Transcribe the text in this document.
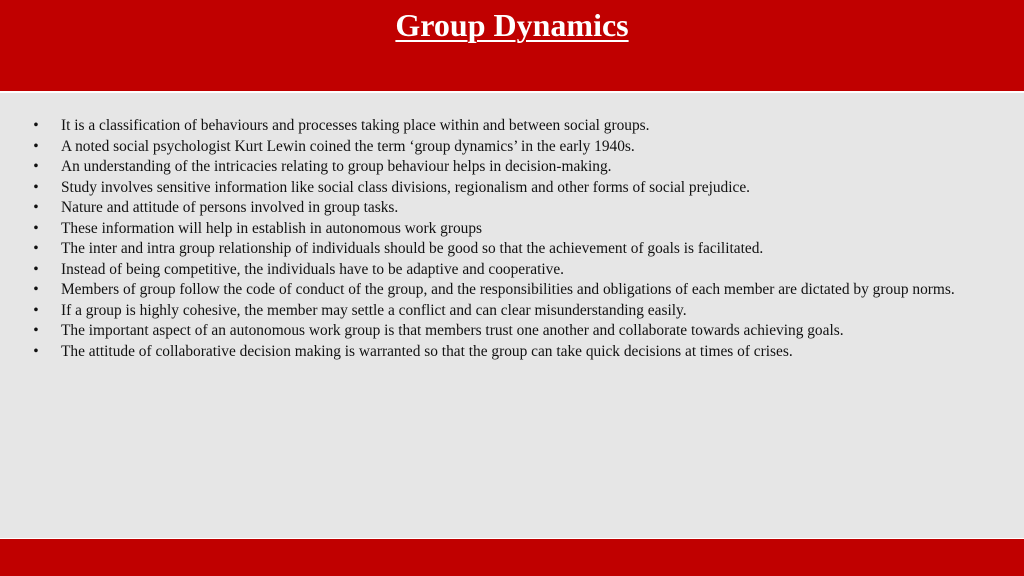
Group Dynamics
• It is a classification of behaviours and processes taking place within and between social groups.
• A noted social psychologist Kurt Lewin coined the term ‘group dynamics’ in the early 1940s.
• An understanding of the intricacies relating to group behaviour helps in decision-making.
• Study involves sensitive information like social class divisions, regionalism and other forms of social prejudice.
• Nature and attitude of persons involved in group tasks.
• These information will help in establish in autonomous work groups
• The inter and intra group relationship of individuals should be good so that the achievement of goals is facilitated.
• Instead of being competitive, the individuals have to be adaptive and cooperative.
• Members of group follow the code of conduct of the group, and the responsibilities and obligations of each member are dictated by group norms.
• If a group is highly cohesive, the member may settle a conflict and can clear misunderstanding easily.
• The important aspect of an autonomous work group is that members trust one another and collaborate towards achieving goals.
• The attitude of collaborative decision making is warranted so that the group can take quick decisions at times of crises.
